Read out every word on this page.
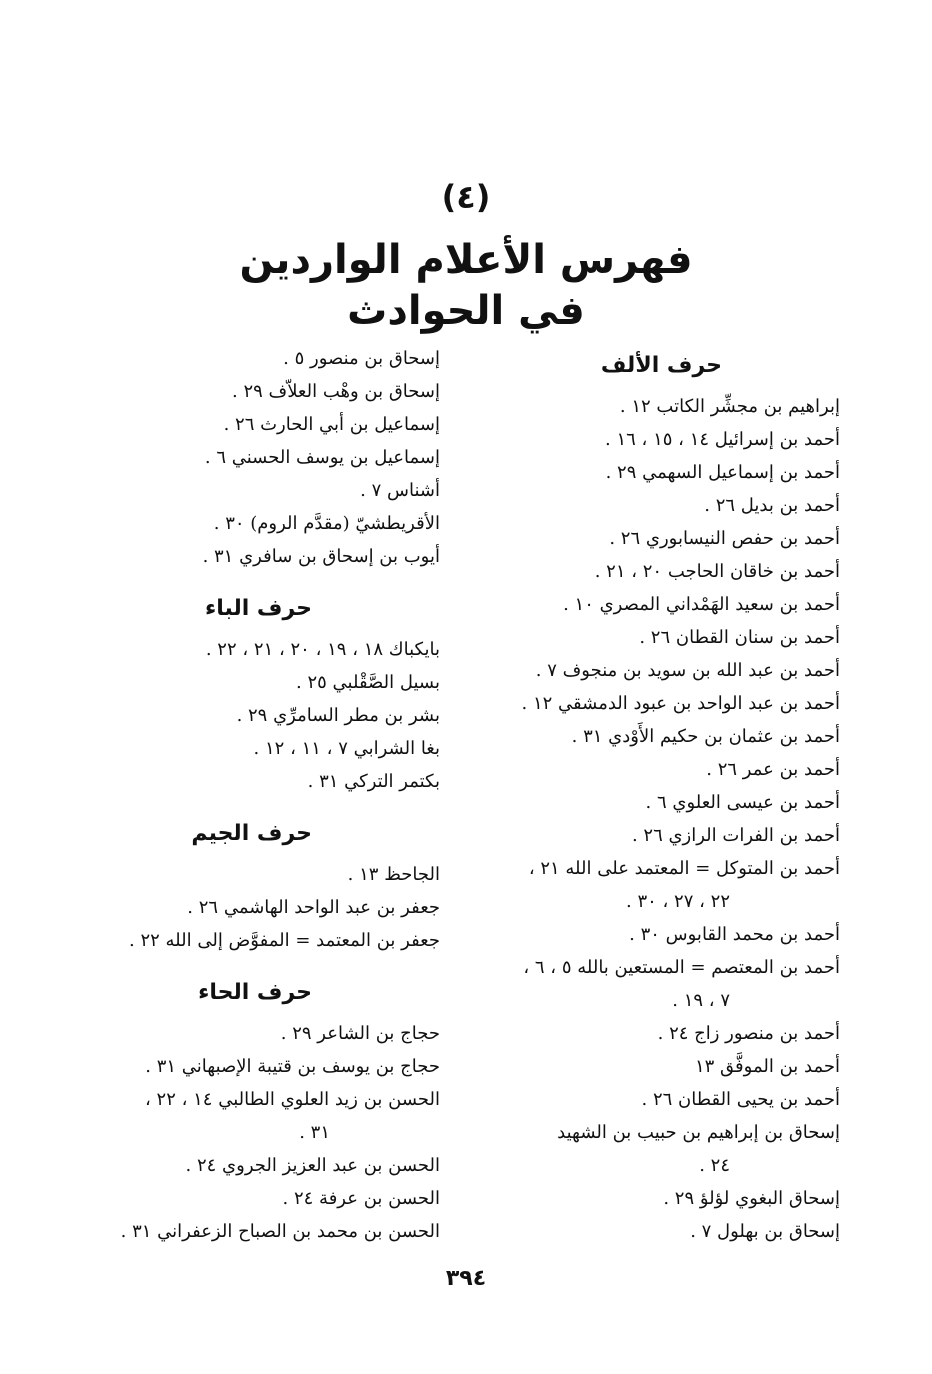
(٤)
فهرس الأعلام الواردين
في الحوادث
حرف الألف
إبراهيم بن مجشِّر الكاتب ١٢ .
أحمد بن إسرائيل ١٤ ، ١٥ ، ١٦ .
أحمد بن إسماعيل السهمي ٢٩ .
أحمد بن بديل ٢٦ .
أحمد بن حفص النيسابوري ٢٦ .
أحمد بن خاقان الحاجب ٢٠ ، ٢١ .
أحمد بن سعيد الهَمْداني المصري ١٠ .
أحمد بن سنان القطان ٢٦ .
أحمد بن عبد الله بن سويد بن منجوف ٧ .
أحمد بن عبد الواحد بن عبود الدمشقي ١٢ .
أحمد بن عثمان بن حكيم الأَوْدي ٣١ .
أحمد بن عمر ٢٦ .
أحمد بن عيسى العلوي ٦ .
أحمد بن الفرات الرازي ٢٦ .
أحمد بن المتوكل = المعتمد على الله ٢١ ،
٢٢ ، ٢٧ ، ٣٠ .
أحمد بن محمد القابوس ٣٠ .
أحمد بن المعتصم = المستعين بالله ٥ ، ٦ ،
٧ ، ١٩ .
أحمد بن منصور زاج ٢٤ .
أحمد بن الموفَّق ١٣
أحمد بن يحيى القطان ٢٦ .
إسحاق بن إبراهيم بن حبيب بن الشهيد
٢٤ .
إسحاق البغوي لؤلؤ ٢٩ .
إسحاق بن بهلول ٧ .
إسحاق بن منصور ٥ .
إسحاق بن وهْب العلاّف ٢٩ .
إسماعيل بن أبي الحارث ٢٦ .
إسماعيل بن يوسف الحسني ٦ .
أشناس ٧ .
الأقريطشيّ (مقدَّم الروم) ٣٠ .
أيوب بن إسحاق بن سافري ٣١ .
حرف الباء
بايكباك ١٨ ، ١٩ ، ٢٠ ، ٢١ ، ٢٢ .
بسيل الصَّقْلبي ٢٥ .
بشر بن مطر السامرِّي ٢٩ .
بغا الشرابي ٧ ، ١١ ، ١٢ .
بكتمر التركي ٣١ .
حرف الجيم
الجاحظ ١٣ .
جعفر بن عبد الواحد الهاشمي ٢٦ .
جعفر بن المعتمد = المفوَّض إلى الله ٢٢ .
حرف الحاء
حجاج بن الشاعر ٢٩ .
حجاج بن يوسف بن قتيبة الإصبهاني ٣١ .
الحسن بن زيد العلوي الطالبي ١٤ ، ٢٢ ،
٣١ .
الحسن بن عبد العزيز الجروي ٢٤ .
الحسن بن عرفة ٢٤ .
الحسن بن محمد بن الصباح الزعفراني ٣١ .
٣٩٤
